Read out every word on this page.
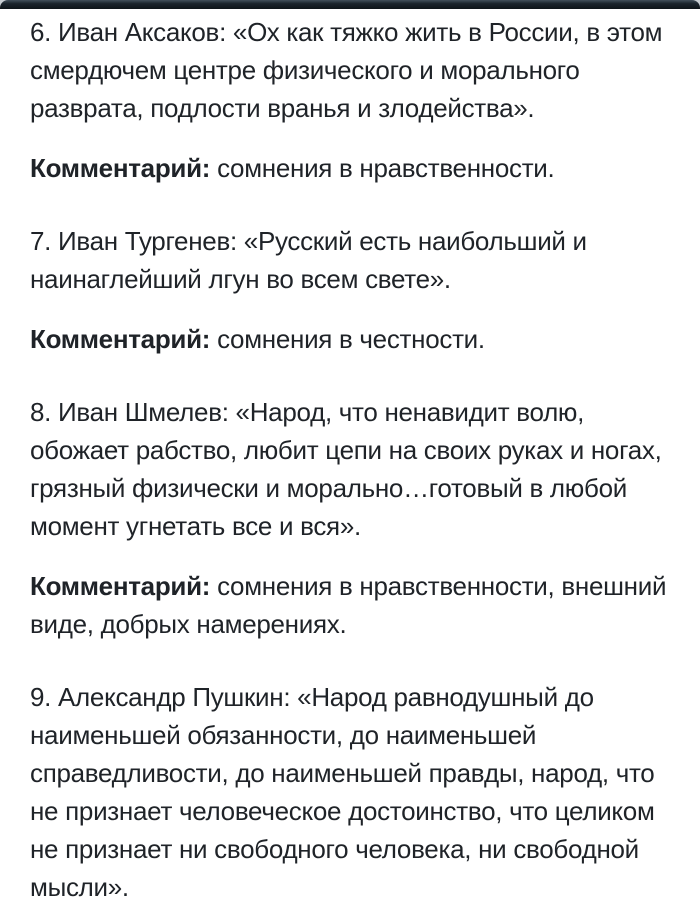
6. Иван Аксаков: «Ох как тяжко жить в России, в этом
смердючем центре физического и морального
разврата, подлости вранья и злодейства».
Комментарий: сомнения в нравственности.
7. Иван Тургенев: «Русский есть наибольший и
наинаглейший лгун во всем свете».
Комментарий: сомнения в честности.
8. Иван Шмелев: «Народ, что ненавидит волю,
обожает рабство, любит цепи на своих руках и ногах,
грязный физически и морально…готовый в любой
момент угнетать все и вся».
Комментарий: сомнения в нравственности, внешний
виде, добрых намерениях.
9. Александр Пушкин: «Народ равнодушный до
наименьшей обязанности, до наименьшей
справедливости, до наименьшей правды, народ, что
не признает человеческое достоинство, что целиком
не признает ни свободного человека, ни свободной
мысли».
